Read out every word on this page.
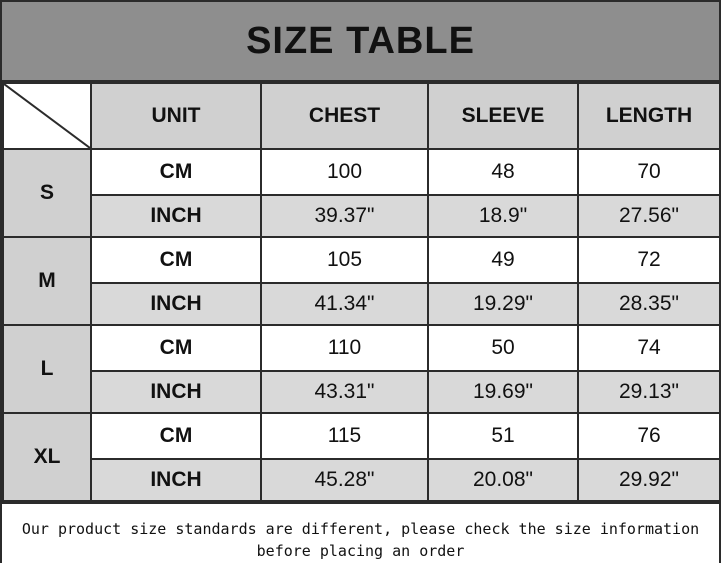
SIZE TABLE
	UNIT	CHEST	SLEEVE	LENGTH
S	CM	100	48	70
	INCH	39.37"	18.9"	27.56"
M	CM	105	49	72
	INCH	41.34"	19.29"	28.35"
L	CM	110	50	74
	INCH	43.31"	19.69"	29.13"
XL	CM	115	51	76
	INCH	45.28"	20.08"	29.92"
Our product size standards are different, please check the size information
before placing an order
